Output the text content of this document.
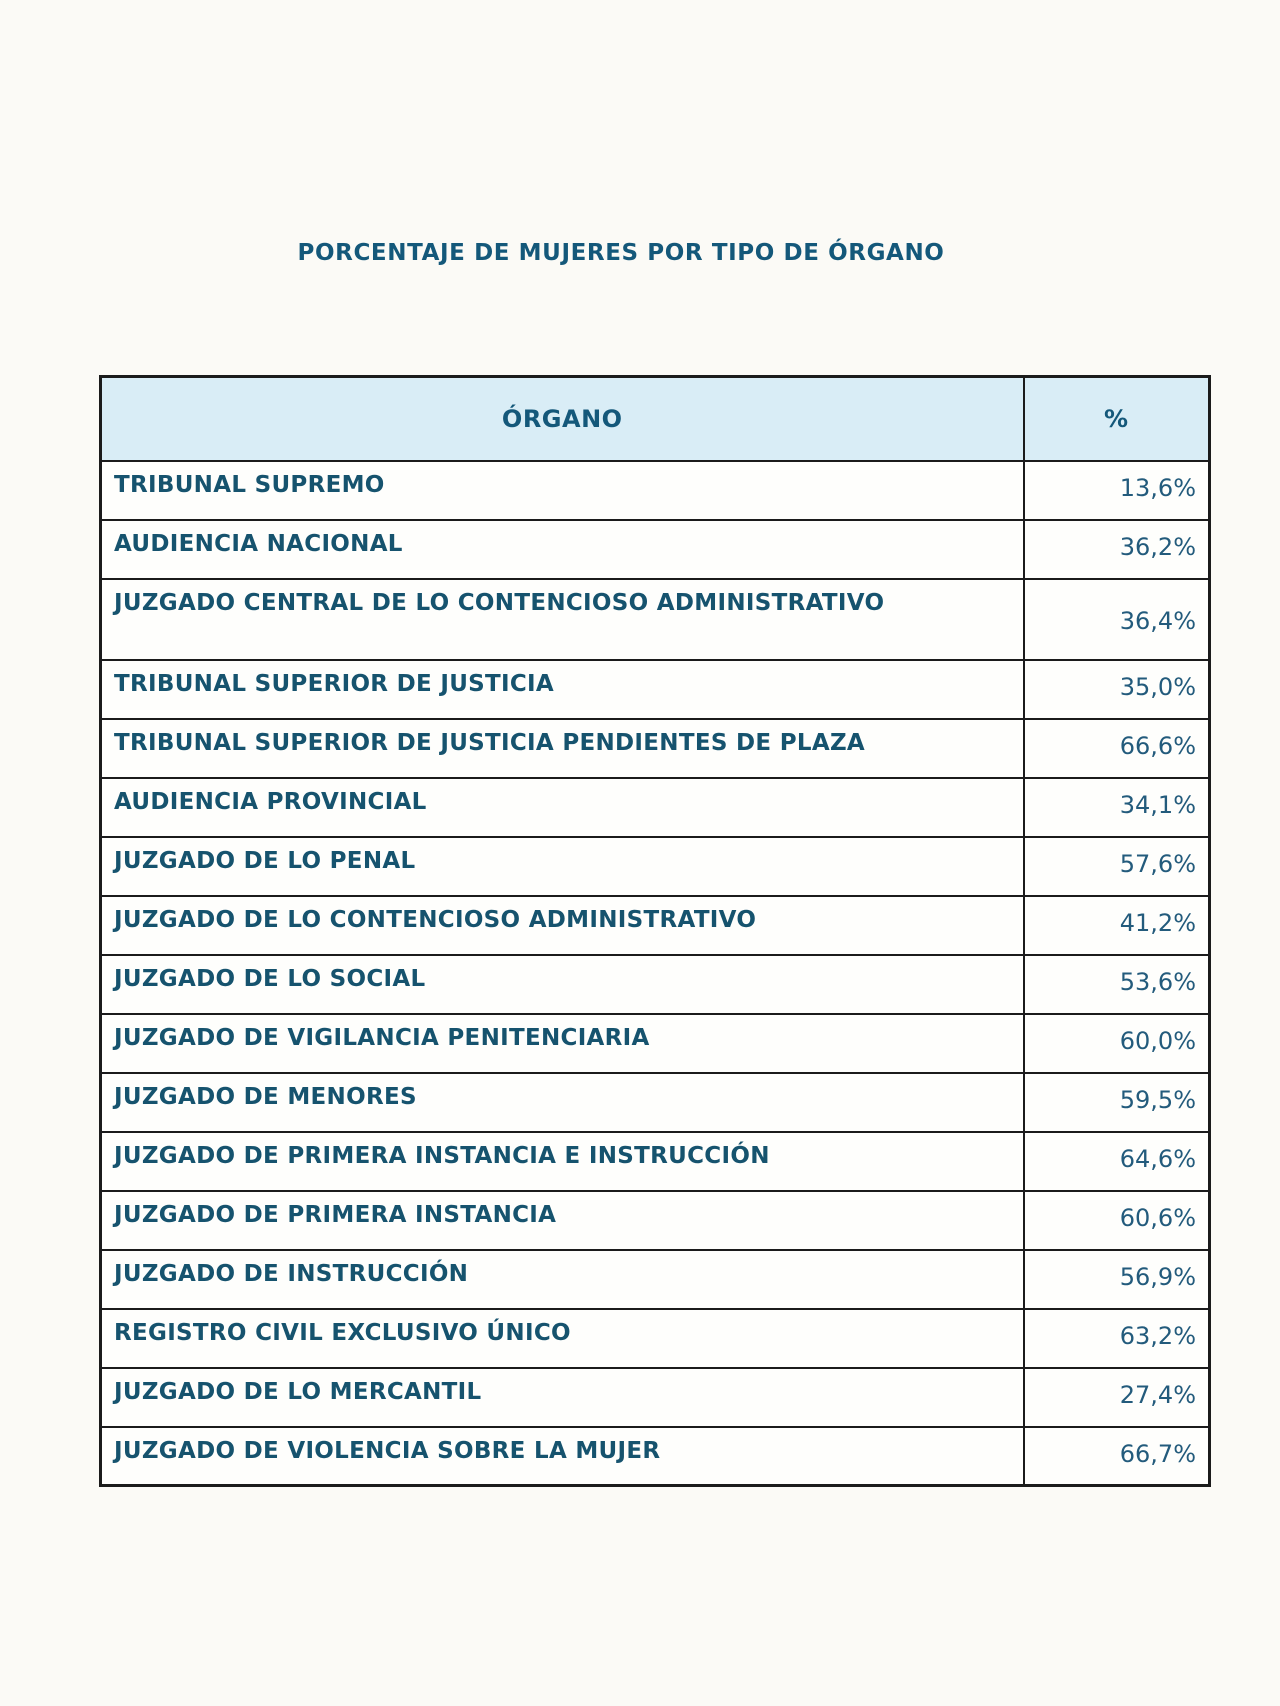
PORCENTAJE DE MUJERES POR TIPO DE ÓRGANO
ÓRGANO	%
TRIBUNAL SUPREMO	13,6%
AUDIENCIA NACIONAL	36,2%
JUZGADO CENTRAL DE LO CONTENCIOSO ADMINISTRATIVO	36,4%
TRIBUNAL SUPERIOR DE JUSTICIA	35,0%
TRIBUNAL SUPERIOR DE JUSTICIA PENDIENTES DE PLAZA	66,6%
AUDIENCIA PROVINCIAL	34,1%
JUZGADO DE LO PENAL	57,6%
JUZGADO DE LO CONTENCIOSO ADMINISTRATIVO	41,2%
JUZGADO DE LO SOCIAL	53,6%
JUZGADO DE VIGILANCIA PENITENCIARIA	60,0%
JUZGADO DE MENORES	59,5%
JUZGADO DE PRIMERA INSTANCIA E INSTRUCCIÓN	64,6%
JUZGADO DE PRIMERA INSTANCIA	60,6%
JUZGADO DE INSTRUCCIÓN	56,9%
REGISTRO CIVIL EXCLUSIVO ÚNICO	63,2%
JUZGADO DE LO MERCANTIL	27,4%
JUZGADO DE VIOLENCIA SOBRE LA MUJER	66,7%
